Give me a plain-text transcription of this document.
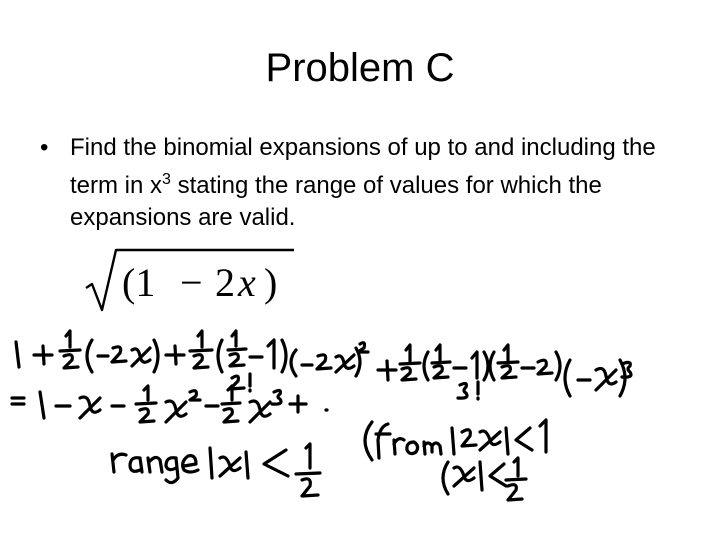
Problem C
• Find the binomial expansions of up to and including the term in $x^3$ stating the range of values for which the expansions are valid.
(1 − 2 x )
